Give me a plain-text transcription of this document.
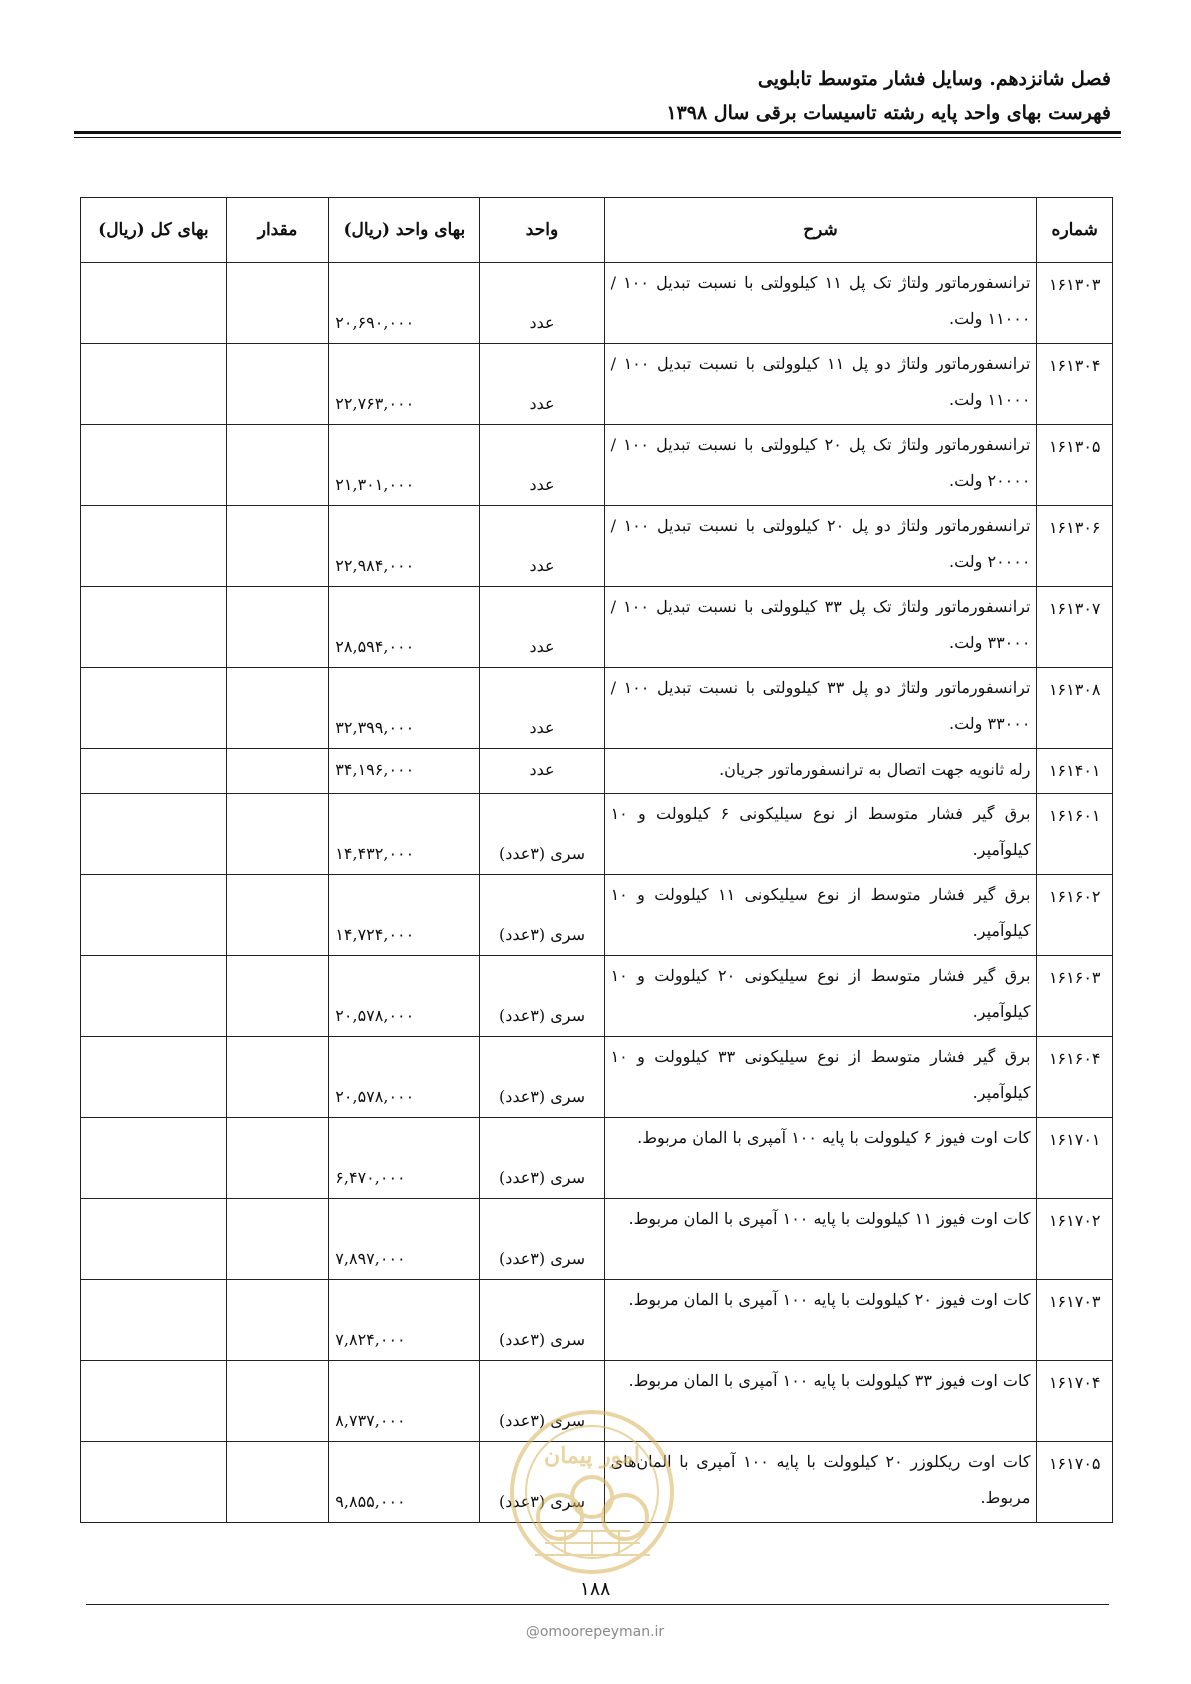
فصل شانزدهم. وسایل فشار متوسط تابلویی

فهرست بهای واحد پایه رشته تاسیسات برقی سال ۱۳۹۸

شماره	شرح	واحد	بهای واحد (ریال)	مقدار	بهای کل (ریال)
۱۶۱۳۰۳	ترانسفورماتور ولتاژ تک پل ۱۱ کیلوولتی با نسبت تبدیل ۱۰۰ / ۱۱۰۰۰ ولت.	عدد	۲۰,۶۹۰,۰۰۰		
۱۶۱۳۰۴	ترانسفورماتور ولتاژ دو پل ۱۱ کیلوولتی با نسبت تبدیل ۱۰۰ / ۱۱۰۰۰ ولت.	عدد	۲۲,۷۶۳,۰۰۰		
۱۶۱۳۰۵	ترانسفورماتور ولتاژ تک پل ۲۰ کیلوولتی با نسبت تبدیل ۱۰۰ / ۲۰۰۰۰ ولت.	عدد	۲۱,۳۰۱,۰۰۰		
۱۶۱۳۰۶	ترانسفورماتور ولتاژ دو پل ۲۰ کیلوولتی با نسبت تبدیل ۱۰۰ / ۲۰۰۰۰ ولت.	عدد	۲۲,۹۸۴,۰۰۰		
۱۶۱۳۰۷	ترانسفورماتور ولتاژ تک پل ۳۳ کیلوولتی با نسبت تبدیل ۱۰۰ / ۳۳۰۰۰ ولت.	عدد	۲۸,۵۹۴,۰۰۰		
۱۶۱۳۰۸	ترانسفورماتور ولتاژ دو پل ۳۳ کیلوولتی با نسبت تبدیل ۱۰۰ / ۳۳۰۰۰ ولت.	عدد	۳۲,۳۹۹,۰۰۰		
۱۶۱۴۰۱	رله ثانویه جهت اتصال به ترانسفورماتور جریان.	عدد	۳۴,۱۹۶,۰۰۰		
۱۶۱۶۰۱	برق گیر فشار متوسط از نوع سیلیکونی ۶ کیلوولت و ۱۰ کیلوآمپر.	سری (۳عدد)	۱۴,۴۳۲,۰۰۰		
۱۶۱۶۰۲	برق گیر فشار متوسط از نوع سیلیکونی ۱۱ کیلوولت و ۱۰ کیلوآمپر.	سری (۳عدد)	۱۴,۷۲۴,۰۰۰		
۱۶۱۶۰۳	برق گیر فشار متوسط از نوع سیلیکونی ۲۰ کیلوولت و ۱۰ کیلوآمپر.	سری (۳عدد)	۲۰,۵۷۸,۰۰۰		
۱۶۱۶۰۴	برق گیر فشار متوسط از نوع سیلیکونی ۳۳ کیلوولت و ۱۰ کیلوآمپر.	سری (۳عدد)	۲۰,۵۷۸,۰۰۰		
۱۶۱۷۰۱	کات اوت فیوز ۶ کیلوولت با پایه ۱۰۰ آمپری با المان مربوط.	سری (۳عدد)	۶,۴۷۰,۰۰۰		
۱۶۱۷۰۲	کات اوت فیوز ۱۱ کیلوولت با پایه ۱۰۰ آمپری با المان مربوط.	سری (۳عدد)	۷,۸۹۷,۰۰۰		
۱۶۱۷۰۳	کات اوت فیوز ۲۰ کیلوولت با پایه ۱۰۰ آمپری با المان مربوط.	سری (۳عدد)	۷,۸۲۴,۰۰۰		
۱۶۱۷۰۴	کات اوت فیوز ۳۳ کیلوولت با پایه ۱۰۰ آمپری با المان مربوط.	سری (۳عدد)	۸,۷۳۷,۰۰۰		
۱۶۱۷۰۵	کات اوت ریکلوزر ۲۰ کیلوولت با پایه ۱۰۰ آمپری با المان‌های مربوط.	سری (۳عدد)	۹,۸۵۵,۰۰۰		
امور پیمان
۱۸۸
@omoorepeyman.ir
